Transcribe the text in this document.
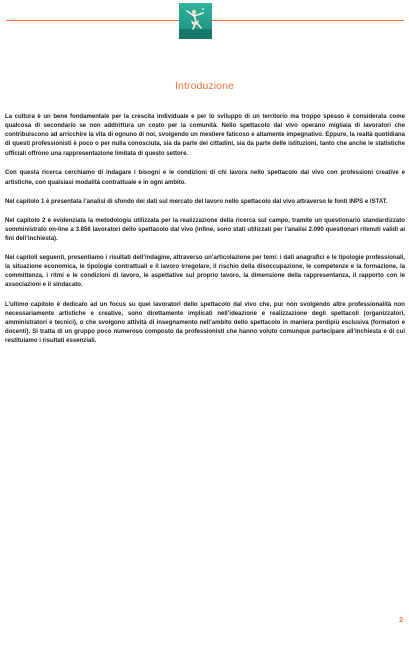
Introduzione

La cultura è un bene fondamentale per la crescita individuale e per lo sviluppo di un territorio ma troppo spesso è considerata come qualcosa di secondario se non addirittura un costo per la comunità. Nello spettacolo dal vivo operano migliaia di lavoratori che contribuiscono ad arricchire la vita di ognuno di noi, svolgendo un mestiere faticoso e altamente impegnativo. Eppure, la realtà quotidiana di questi professionisti è poco o per nulla conosciuta, sia da parte dei cittadini, sia da parte delle istituzioni, tanto che anche le statistiche ufficiali offrono una rappresentazione limitata di questo settore.

Con questa ricerca cerchiamo di indagare i bisogni e le condizioni di chi lavora nello spettacolo dal vivo con professioni creative e artistiche, con qualsiasi modalità contrattuale e in ogni ambito.

Nel capitolo 1 è presentata l’analisi di sfondo dei dati sul mercato del lavoro nello spettacolo dal vivo attraverso le fonti INPS e ISTAT.

Nel capitolo 2 è evidenziata la metodologia utilizzata per la realizzazione della ricerca sul campo, tramite un questionario standardizzato somministrato on-line a 3.856 lavoratori dello spettacolo dal vivo (infine, sono stati utilizzati per l’analisi 2.090 questionari ritenuti validi ai fini dell’inchiesta).

Nei capitoli seguenti, presentiamo i risultati dell’indagine, attraverso un’articolazione per temi: i dati anagrafici e le tipologie professionali, la situazione economica, le tipologie contrattuali e il lavoro irregolare, il rischio della disoccupazione, le competenze e la formazione, la committenza, i ritmi e le condizioni di lavoro, le aspettative sul proprio lavoro, la dimensione della rappresentanza, il rapporto con le associazioni e il sindacato.

L’ultimo capitolo è dedicato ad un focus su quei lavoratori dello spettacolo dal vivo che, pur non svolgendo altre professionalità non necessariamente artistiche e creative, sono direttamente implicati nell’ideazione e realizzazione degli spettacoli (organizzatori, amministratori e tecnici), o che svolgono attività di insegnamento nell’ambito dello spettacolo in maniera perdipiù esclusiva (formatori e docenti). Si tratta di un gruppo poco numeroso composto da professionisti che hanno voluto comunque partecipare all’inchiesta e di cui restituiamo i risultati essenziali.

2
